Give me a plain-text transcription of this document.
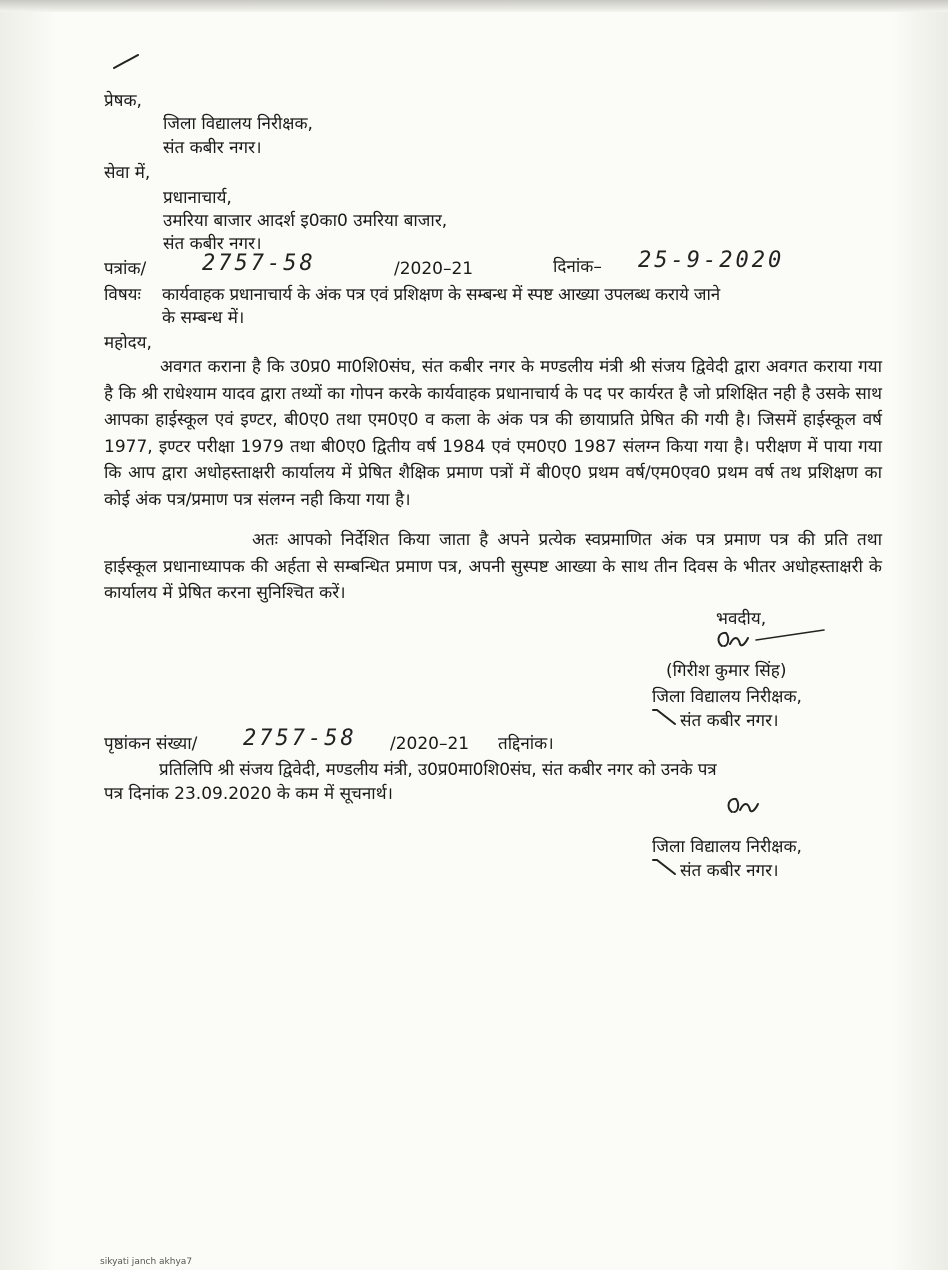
प्रेषक,
जिला विद्यालय निरीक्षक,
संत कबीर नगर।
सेवा में,
प्रधानाचार्य,
उमरिया बाजार आदर्श इ0का0 उमरिया बाजार,
संत कबीर नगर।
पत्रांक/	2757-58	/2020–21	दिनांक– 25-9-2020
विषयः कार्यवाहक प्रधानाचार्य के अंक पत्र एवं प्रशिक्षण के सम्बन्ध में स्पष्ट आख्या उपलब्ध कराये जाने
के सम्बन्ध में।
महोदय,
अवगत कराना है कि उ0प्र0 मा0शि0संघ, संत कबीर नगर के मण्डलीय मंत्री श्री संजय द्विवेदी द्वारा अवगत कराया गया है कि श्री राधेश्याम यादव द्वारा तथ्यों का गोपन करके कार्यवाहक प्रधानाचार्य के पद पर कार्यरत है जो प्रशिक्षित नही है उसके साथ आपका हाईस्कूल एवं इण्टर, बी0ए0 तथा एम0ए0 व कला के अंक पत्र की छायाप्रति प्रेषित की गयी है। जिसमें हाईस्कूल वर्ष 1977, इण्टर परीक्षा 1979 तथा बी0ए0 द्वितीय वर्ष 1984 एवं एम0ए0 1987 संलग्न किया गया है। परीक्षण में पाया गया कि आप द्वारा अधोहस्ताक्षरी कार्यालय में प्रेषित शैक्षिक प्रमाण पत्रों में बी0ए0 प्रथम वर्ष/एम0एव0 प्रथम वर्ष तथ प्रशिक्षण का कोई अंक पत्र/प्रमाण पत्र संलग्न नही किया गया है।
अतः आपको निर्देशित किया जाता है अपने प्रत्येक स्वप्रमाणित अंक पत्र प्रमाण पत्र की प्रति तथा हाईस्कूल प्रधानाध्यापक की अर्हता से सम्बन्धित प्रमाण पत्र, अपनी सुस्पष्ट आख्या के साथ तीन दिवस के भीतर अधोहस्ताक्षरी के कार्यालय में प्रेषित करना सुनिश्चित करें।
भवदीय,
(गिरीश कुमार सिंह)
जिला विद्यालय निरीक्षक,
संत कबीर नगर।
पृष्ठांकन संख्या/ 2757-58 /2020–21 तद्दिनांक।
प्रतिलिपि श्री संजय द्विवेदी, मण्डलीय मंत्री, उ0प्र0मा0शि0संघ, संत कबीर नगर को उनके पत्र
पत्र दिनांक 23.09.2020 के कम में सूचनार्थ।
जिला विद्यालय निरीक्षक,
संत कबीर नगर।
sikyati janch akhya7
